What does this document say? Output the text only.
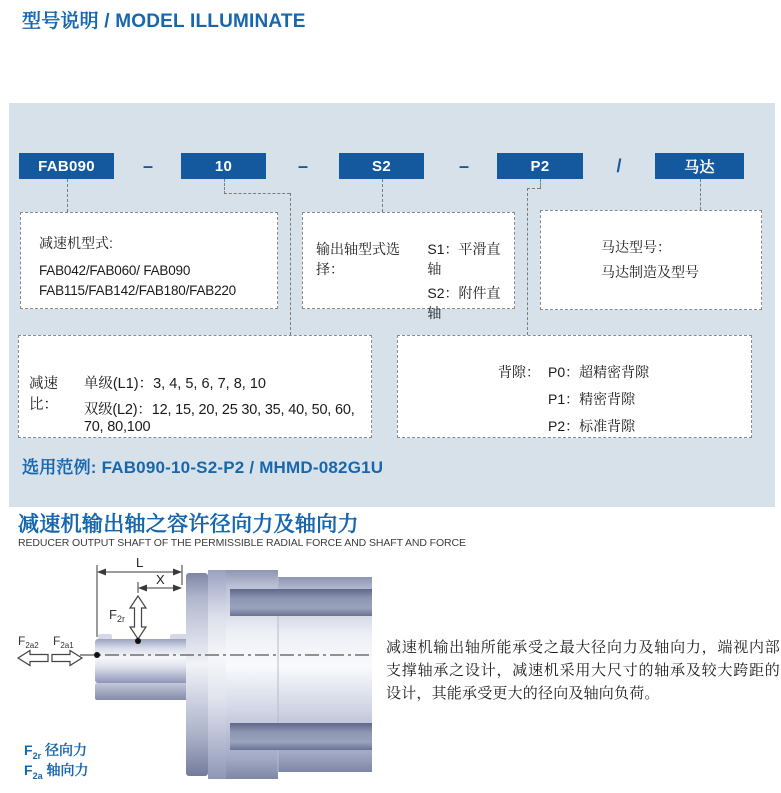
型号说明 / MODEL ILLUMINATE
FAB090	–	10	–	S2	–	P2	/	马达
减速机型式:
FAB042/FAB060/ FAB090
FAB115/FAB142/FAB180/FAB220
输出轴型式选择：
S1：平滑直轴
S2：附件直轴
马达型号：
马达制造及型号
减速比：
单级(L1)：3, 4, 5, 6, 7, 8, 10
双级(L2)：12, 15, 20, 25 30, 35, 40, 50, 60, 70, 80,100
背隙： P0：超精密背隙
P1：精密背隙
P2：标准背隙
选用范例: FAB090-10-S2-P2 / MHMD-082G1U
减速机输出轴之容许径向力及轴向力
REDUCER OUTPUT SHAFT OF THE PERMISSIBLE RADIAL FORCE AND SHAFT AND FORCE
L
X
$F_{2r}$
$F_{2a2}$ $F_{2a1}$	减速机输出轴所能承受之最大径向力及轴向力，端视内部支撑轴承之设计，减速机采用大尺寸的轴承及较大跨距的设计，其能承受更大的径向及轴向负荷。
$F_{2r}$ 径向力
$F_{2a}$ 轴向力
